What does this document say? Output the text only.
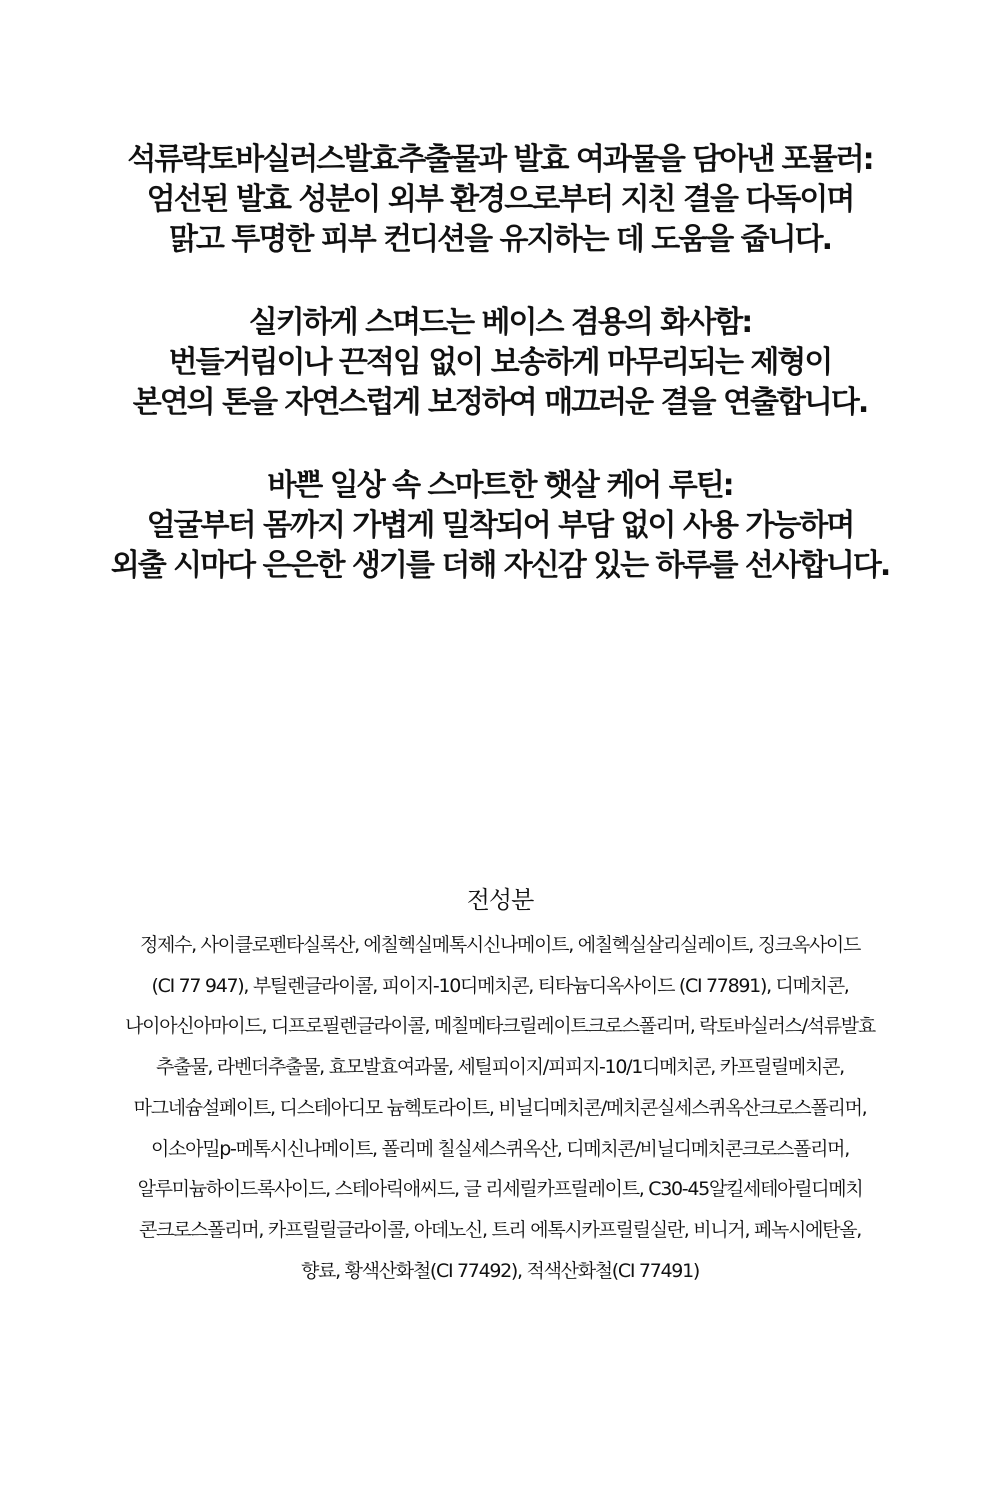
석류락토바실러스발효추출물과 발효 여과물을 담아낸 포뮬러:
엄선된 발효 성분이 외부 환경으로부터 지친 결을 다독이며
맑고 투명한 피부 컨디션을 유지하는 데 도움을 줍니다.
실키하게 스며드는 베이스 겸용의 화사함:
번들거림이나 끈적임 없이 보송하게 마무리되는 제형이
본연의 톤을 자연스럽게 보정하여 매끄러운 결을 연출합니다.
바쁜 일상 속 스마트한 햇살 케어 루틴:
얼굴부터 몸까지 가볍게 밀착되어 부담 없이 사용 가능하며
외출 시마다 은은한 생기를 더해 자신감 있는 하루를 선사합니다.
전성분
정제수, 사이클로펜타실록산, 에칠헥실메톡시신나메이트, 에칠헥실살리실레이트, 징크옥사이드
(CI 77 947), 부틸렌글라이콜, 피이지-10디메치콘, 티타늄디옥사이드 (CI 77891), 디메치콘,
나이아신아마이드, 디프로필렌글라이콜, 메칠메타크릴레이트크로스폴리머, 락토바실러스/석류발효
추출물, 라벤더추출물, 효모발효여과물, 세틸피이지/피피지-10/1디메치콘, 카프릴릴메치콘,
마그네슘설페이트, 디스테아디모 늄헥토라이트, 비닐디메치콘/메치콘실세스퀴옥산크로스폴리머,
이소아밀p-메톡시신나메이트, 폴리메 칠실세스퀴옥산, 디메치콘/비닐디메치콘크로스폴리머,
알루미늄하이드록사이드, 스테아릭애씨드, 글 리세릴카프릴레이트, C30-45알킬세테아릴디메치
콘크로스폴리머, 카프릴릴글라이콜, 아데노신, 트리 에톡시카프릴릴실란, 비니거, 페녹시에탄올,
향료, 황색산화철(CI 77492), 적색산화철(CI 77491)
